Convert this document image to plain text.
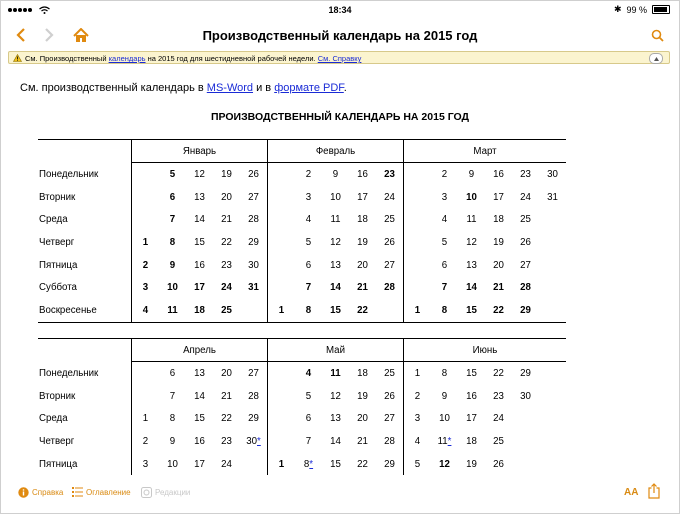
18:34	✱ 99 %
Производственный календарь на 2015 год
См. Производственный календарь на 2015 год для шестидневной рабочей недели. См. Справку
См. производственный календарь в MS-Word и в формате PDF.
ПРОИЗВОДСТВЕННЫЙ КАЛЕНДАРЬ НА 2015 ГОД
	Январь					Февраль					Март					
Понедельник		5	12	19	26		2	9	16	23		2	9	16	23	30
Вторник		6	13	20	27		3	10	17	24		3	10	17	24	31
Среда		7	14	21	28		4	11	18	25		4	11	18	25	
Четверг	1	8	15	22	29		5	12	19	26		5	12	19	26	
Пятница	2	9	16	23	30		6	13	20	27		6	13	20	27	
Суббота	3	10	17	24	31		7	14	21	28		7	14	21	28	
Воскресенье	4	11	18	25		1	8	15	22		1	8	15	22	29	
	Апрель					Май					Июнь					
Понедельник		6	13	20	27		4	11	18	25	1	8	15	22	29	
Вторник		7	14	21	28		5	12	19	26	2	9	16	23	30	
Среда	1	8	15	22	29		6	13	20	27	3	10	17	24		
Четверг	2	9	16	23	30*		7	14	21	28	4	11*	18	25		
Пятница	3	10	17	24		1	8*	15	22	29	5	12	19	26		
Справка	Оглавление	Редакции	AA
